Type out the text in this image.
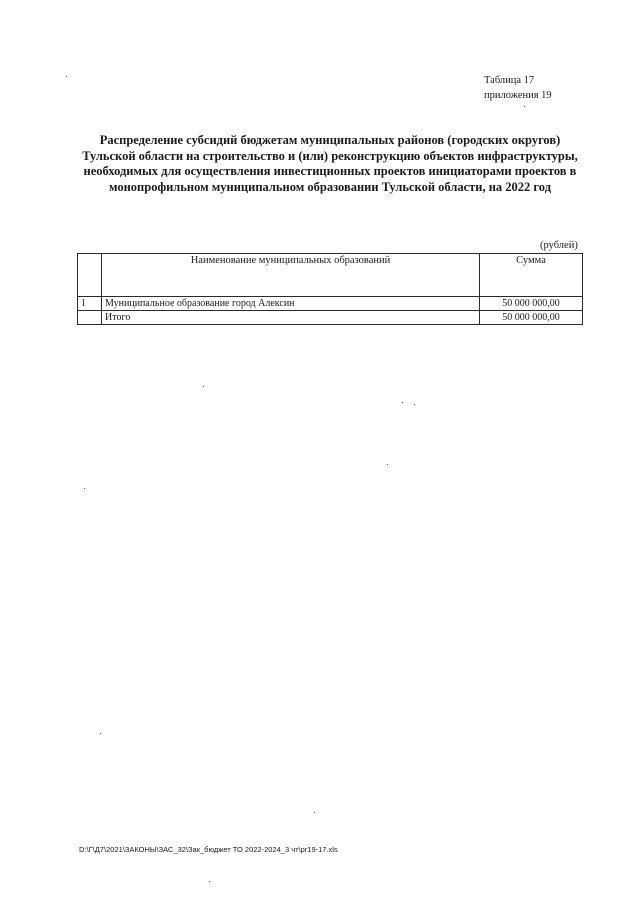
Таблица 17
приложения 19
Распределение субсидий бюджетам муниципальных районов (городских округов) Тульской области на строительство и (или) реконструкцию объектов инфраструктуры, необходимых для осуществления инвестиционных проектов инициаторами проектов в монопрофильном муниципальном образовании Тульской области, на 2022 год
(рублей)
	Наименование муниципальных образований	Сумма
1	Муниципальное образование город Алексин	50 000 000,00
	Итого	50 000 000,00
D:\Г\Д7\2021\ЗАКОНЫ\ЗАС_32\Зак_бюджет ТО 2022-2024_3 чт\pr19-17.xls
